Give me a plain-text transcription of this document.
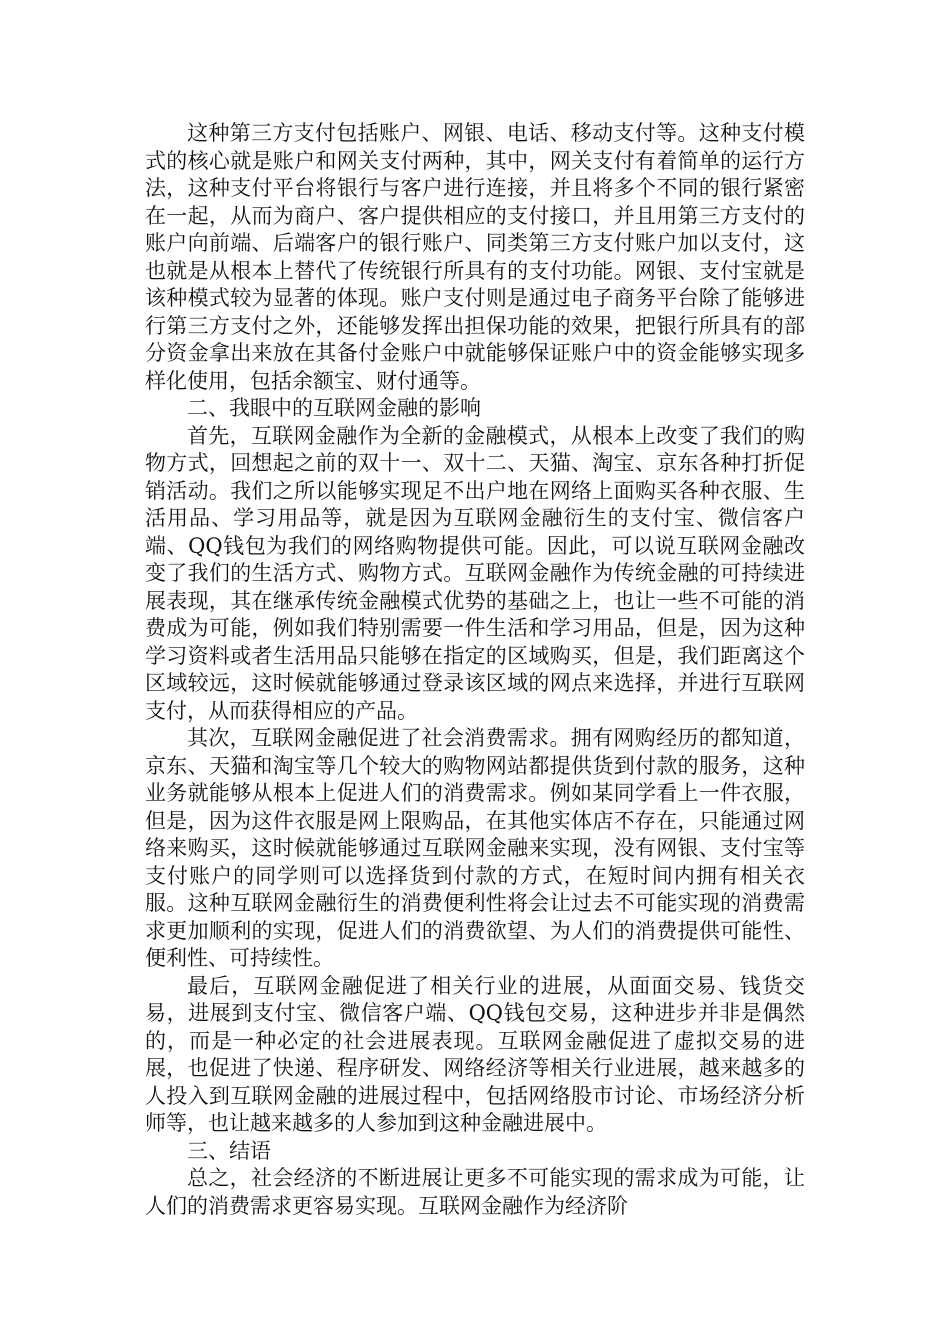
这种第三方支付包括账户、网银、电话、移动支付等。这种支付模式的核心就是账户和网关支付两种，其中，网关支付有着简单的运行方法，这种支付平台将银行与客户进行连接，并且将多个不同的银行紧密在一起，从而为商户、客户提供相应的支付接口，并且用第三方支付的账户向前端、后端客户的银行账户、同类第三方支付账户加以支付，这也就是从根本上替代了传统银行所具有的支付功能。网银、支付宝就是该种模式较为显著的体现。账户支付则是通过电子商务平台除了能够进行第三方支付之外，还能够发挥出担保功能的效果，把银行所具有的部分资金拿出来放在其备付金账户中就能够保证账户中的资金能够实现多样化使用，包括余额宝、财付通等。

二、我眼中的互联网金融的影响

首先，互联网金融作为全新的金融模式，从根本上改变了我们的购物方式，回想起之前的双十一、双十二、天猫、淘宝、京东各种打折促销活动。我们之所以能够实现足不出户地在网络上面购买各种衣服、生活用品、学习用品等，就是因为互联网金融衍生的支付宝、微信客户端、QQ钱包为我们的网络购物提供可能。因此，可以说互联网金融改变了我们的生活方式、购物方式。互联网金融作为传统金融的可持续进展表现，其在继承传统金融模式优势的基础之上，也让一些不可能的消费成为可能，例如我们特别需要一件生活和学习用品，但是，因为这种学习资料或者生活用品只能够在指定的区域购买，但是，我们距离这个区域较远，这时候就能够通过登录该区域的网点来选择，并进行互联网支付，从而获得相应的产品。

其次，互联网金融促进了社会消费需求。拥有网购经历的都知道，京东、天猫和淘宝等几个较大的购物网站都提供货到付款的服务，这种业务就能够从根本上促进人们的消费需求。例如某同学看上一件衣服，但是，因为这件衣服是网上限购品，在其他实体店不存在，只能通过网络来购买，这时候就能够通过互联网金融来实现，没有网银、支付宝等支付账户的同学则可以选择货到付款的方式，在短时间内拥有相关衣服。这种互联网金融衍生的消费便利性将会让过去不可能实现的消费需求更加顺利的实现，促进人们的消费欲望、为人们的消费提供可能性、便利性、可持续性。

最后，互联网金融促进了相关行业的进展，从面面交易、钱货交易，进展到支付宝、微信客户端、QQ钱包交易，这种进步并非是偶然的，而是一种必定的社会进展表现。互联网金融促进了虚拟交易的进展，也促进了快递、程序研发、网络经济等相关行业进展，越来越多的人投入到互联网金融的进展过程中，包括网络股市讨论、市场经济分析师等，也让越来越多的人参加到这种金融进展中。

三、结语

总之，社会经济的不断进展让更多不可能实现的需求成为可能，让人们的消费需求更容易实现。互联网金融作为经济阶
